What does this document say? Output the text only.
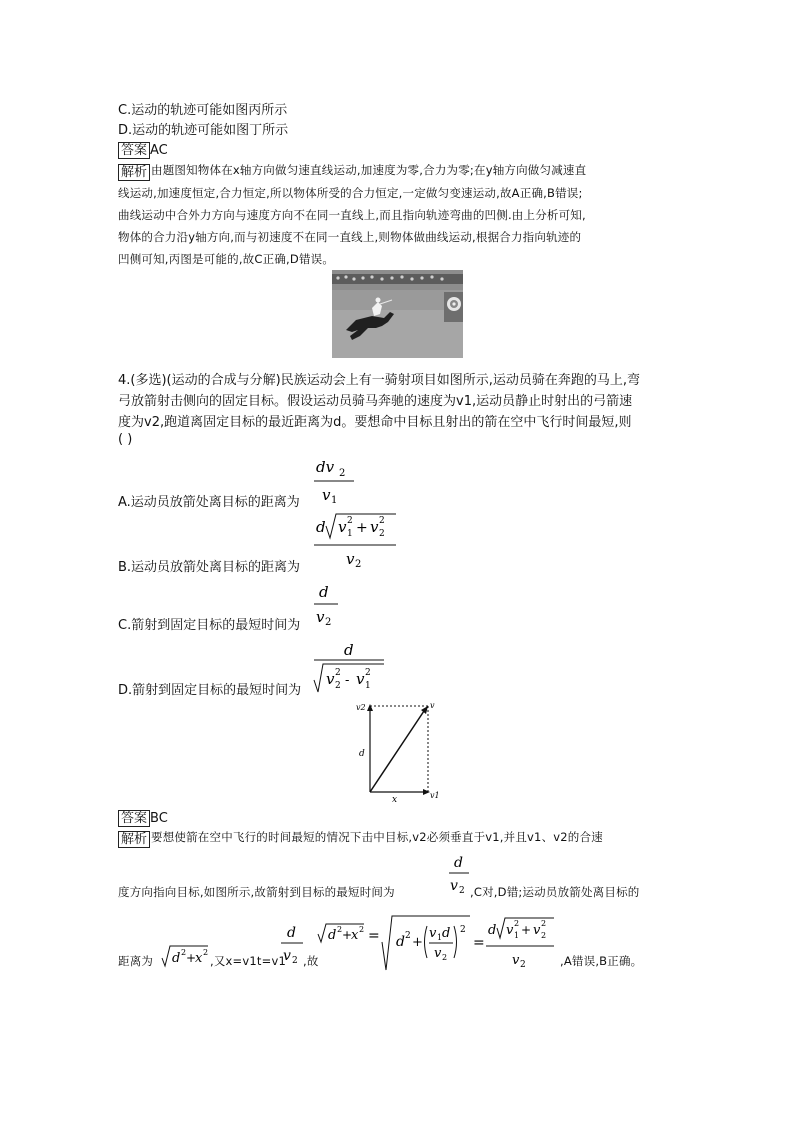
C.运动的轨迹可能如图丙所示
D.运动的轨迹可能如图丁所示
答案 AC
解析 由题图知物体在x轴方向做匀速直线运动,加速度为零,合力为零;在y轴方向做匀减速直
线运动,加速度恒定,合力恒定,所以物体所受的合力恒定,一定做匀变速运动,故A正确,B错误;
曲线运动中合外力方向与速度方向不在同一直线上,而且指向轨迹弯曲的凹侧.由上分析可知,
物体的合力沿y轴方向,而与初速度不在同一直线上,则物体做曲线运动,根据合力指向轨迹的
凹侧可知,丙图是可能的,故C正确,D错误。
4.(多选)(运动的合成与分解)民族运动会上有一骑射项目如图所示,运动员骑在奔跑的马上,弯
弓放箭射击侧向的固定目标。假设运动员骑马奔驰的速度为v1,运动员静止时射出的弓箭速
度为v2,跑道离固定目标的最近距离为d。要想命中目标且射出的箭在空中飞行时间最短,则
( )
A.运动员放箭处离目标的距离为
dv 2
v 1
B.运动员放箭处离目标的距离为
d v 1
2 + v 2
2
v 2
C.箭射到固定目标的最短时间为
d
v 2
D.箭射到固定目标的最短时间为
d
v 2
2 - v 1
2
v2	v
d
x	v1
答案 BC
解析 要想使箭在空中飞行的时间最短的情况下击中目标,v2必须垂直于v1,并且v1、v2的合速
度方向指向目标,如图所示,故箭射到目标的最短时间为
d
v 2 ,C对,D错;运动员放箭处离目标的
距离为 d 2 +
x 2
,又x=v1t=v1
d
v 2 ,故
d 2 +
x 2 = d 2 +
v 1 d
v 2
2
=
d v 1
2 + v 2
2
v 2	,A错误,B正确。
